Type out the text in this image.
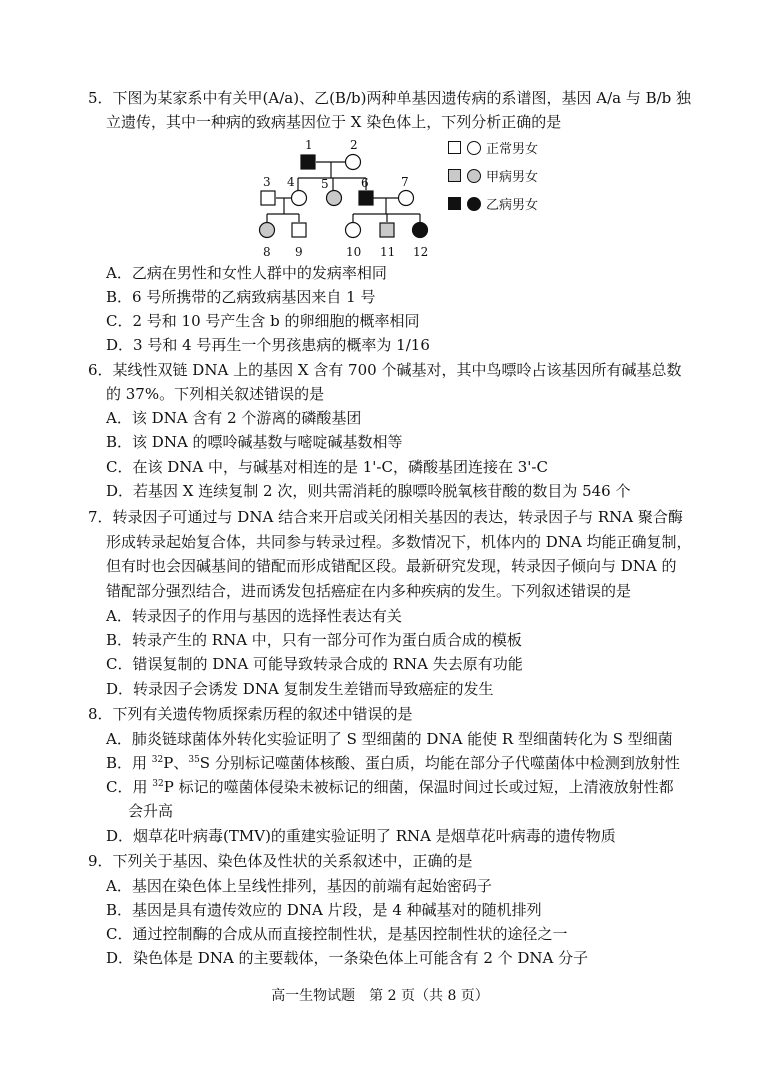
5．下图为某家系中有关甲(A/a)、乙(B/b)两种单基因遗传病的系谱图，基因 A/a 与 B/b 独
立遗传，其中一种病的致病基因位于 X 染色体上，下列分析正确的是
1	2
3 4 5	6	7
8 9	10 11 12
正常男女
甲病男女
乙病男女
A．乙病在男性和女性人群中的发病率相同
B．6 号所携带的乙病致病基因来自 1 号
C．2 号和 10 号产生含 b 的卵细胞的概率相同
D．3 号和 4 号再生一个男孩患病的概率为 1/16
6．某线性双链 DNA 上的基因 X 含有 700 个碱基对，其中鸟嘌呤占该基因所有碱基总数
的 37%。下列相关叙述错误的是
A．该 DNA 含有 2 个游离的磷酸基团
B．该 DNA 的嘌呤碱基数与嘧啶碱基数相等
C．在该 DNA 中，与碱基对相连的是 1'-C，磷酸基团连接在 3'-C
D．若基因 X 连续复制 2 次，则共需消耗的腺嘌呤脱氧核苷酸的数目为 546 个
7．转录因子可通过与 DNA 结合来开启或关闭相关基因的表达，转录因子与 RNA 聚合酶
形成转录起始复合体，共同参与转录过程。多数情况下，机体内的 DNA 均能正确复制，
但有时也会因碱基间的错配而形成错配区段。最新研究发现，转录因子倾向与 DNA 的
错配部分强烈结合，进而诱发包括癌症在内多种疾病的发生。下列叙述错误的是
A．转录因子的作用与基因的选择性表达有关
B．转录产生的 RNA 中，只有一部分可作为蛋白质合成的模板
C．错误复制的 DNA 可能导致转录合成的 RNA 失去原有功能
D．转录因子会诱发 DNA 复制发生差错而导致癌症的发生
8．下列有关遗传物质探索历程的叙述中错误的是
A．肺炎链球菌体外转化实验证明了 S 型细菌的 DNA 能使 R 型细菌转化为 S 型细菌
B．用 $^{32}$P、$^{35}$S 分别标记噬菌体核酸、蛋白质，均能在部分子代噬菌体中检测到放射性
C．用 $^{32}$P 标记的噬菌体侵染未被标记的细菌，保温时间过长或过短，上清液放射性都
会升高
D．烟草花叶病毒(TMV)的重建实验证明了 RNA 是烟草花叶病毒的遗传物质
9．下列关于基因、染色体及性状的关系叙述中，正确的是
A．基因在染色体上呈线性排列，基因的前端有起始密码子
B．基因是具有遗传效应的 DNA 片段，是 4 种碱基对的随机排列
C．通过控制酶的合成从而直接控制性状，是基因控制性状的途径之一
D．染色体是 DNA 的主要载体，一条染色体上可能含有 2 个 DNA 分子
高一生物试题　第 2 页（共 8 页）
